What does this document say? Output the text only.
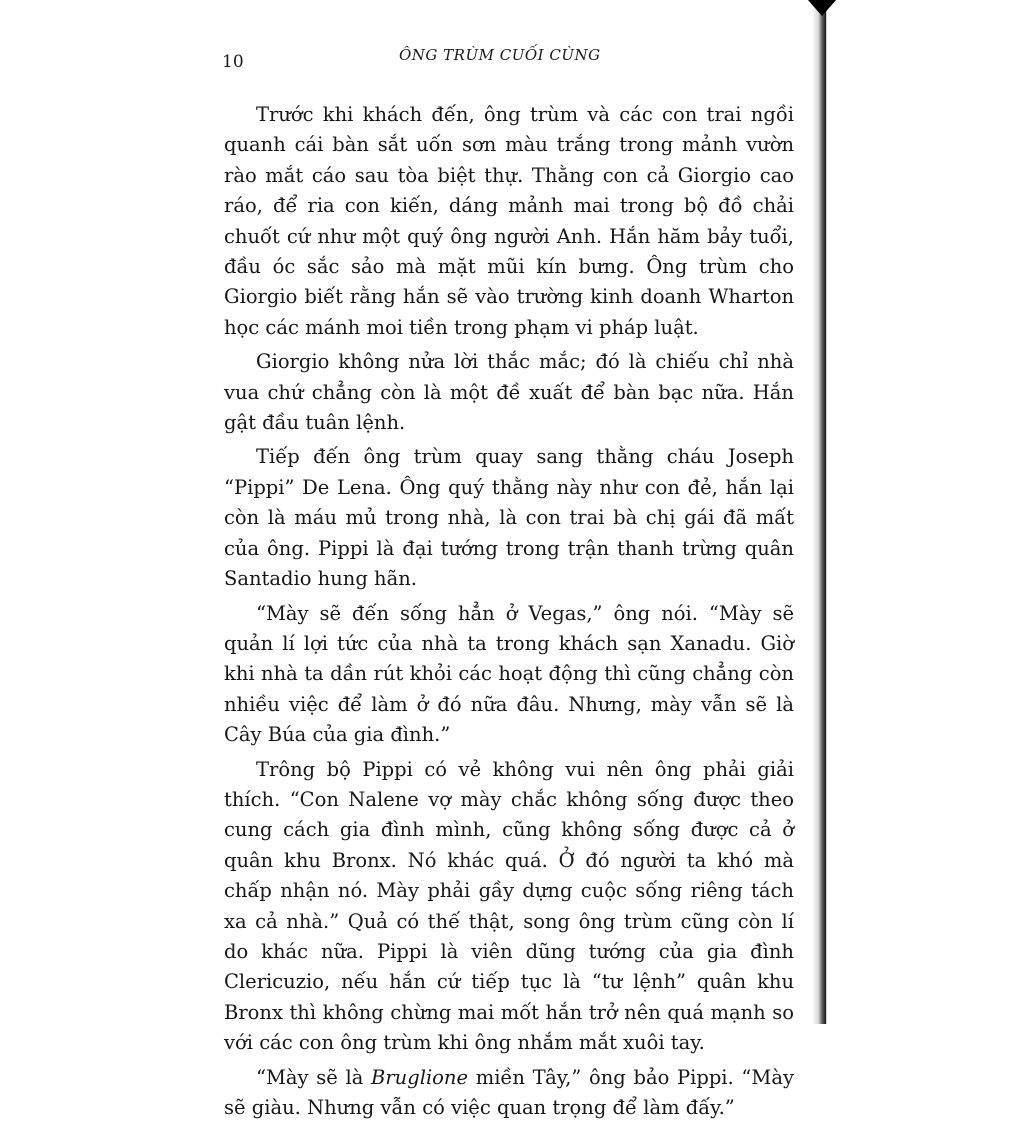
10	ÔNG TRÙM CUỐI CÙNG

Trước khi khách đến, ông trùm và các con trai ngồi quanh cái bàn sắt uốn sơn màu trắng trong mảnh vườn rào mắt cáo sau tòa biệt thự. Thằng con cả Giorgio cao ráo, để ria con kiến, dáng mảnh mai trong bộ đồ chải chuốt cứ như một quý ông người Anh. Hắn hăm bảy tuổi, đầu óc sắc sảo mà mặt mũi kín bưng. Ông trùm cho Giorgio biết rằng hắn sẽ vào trường kinh doanh Wharton học các mánh moi tiền trong phạm vi pháp luật.

Giorgio không nửa lời thắc mắc; đó là chiếu chỉ nhà vua chứ chẳng còn là một đề xuất để bàn bạc nữa. Hắn gật đầu tuân lệnh.

Tiếp đến ông trùm quay sang thằng cháu Joseph “Pippi” De Lena. Ông quý thằng này như con đẻ, hắn lại còn là máu mủ trong nhà, là con trai bà chị gái đã mất của ông. Pippi là đại tướng trong trận thanh trừng quân Santadio hung hãn.

“Mày sẽ đến sống hẳn ở Vegas,” ông nói. “Mày sẽ quản lí lợi tức của nhà ta trong khách sạn Xanadu. Giờ khi nhà ta dần rút khỏi các hoạt động thì cũng chẳng còn nhiều việc để làm ở đó nữa đâu. Nhưng, mày vẫn sẽ là Cây Búa của gia đình.”

Trông bộ Pippi có vẻ không vui nên ông phải giải thích. “Con Nalene vợ mày chắc không sống được theo cung cách gia đình mình, cũng không sống được cả ở quân khu Bronx. Nó khác quá. Ở đó người ta khó mà chấp nhận nó. Mày phải gầy dựng cuộc sống riêng tách xa cả nhà.” Quả có thế thật, song ông trùm cũng còn lí do khác nữa. Pippi là viên dũng tướng của gia đình Clericuzio, nếu hắn cứ tiếp tục là “tư lệnh” quân khu Bronx thì không chừng mai mốt hắn trở nên quá mạnh so với các con ông trùm khi ông nhắm mắt xuôi tay.

“Mày sẽ là Bruglione miền Tây,” ông bảo Pippi. “Mày sẽ giàu. Nhưng vẫn có việc quan trọng để làm đấy.”
